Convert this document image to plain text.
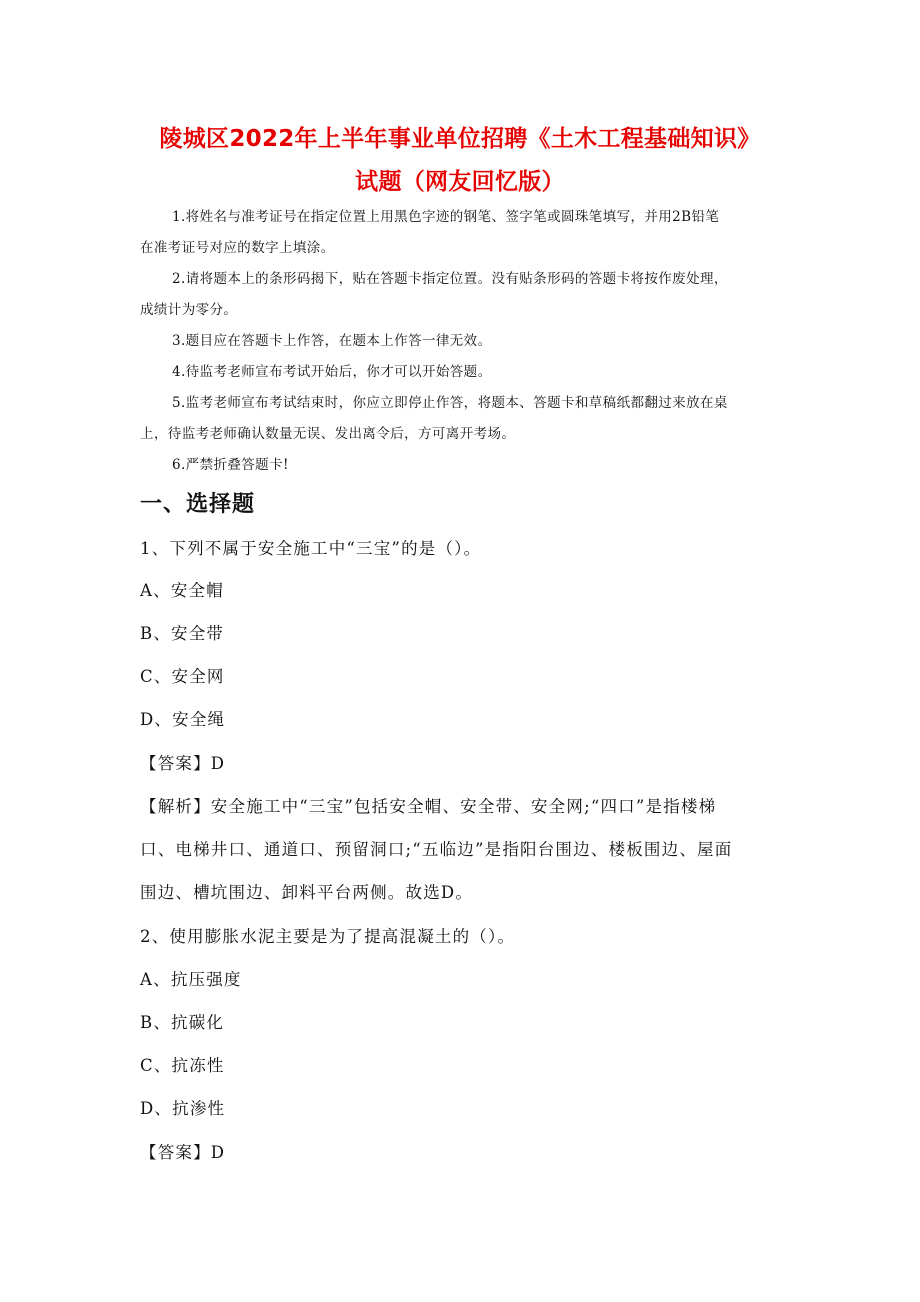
陵城区2022年上半年事业单位招聘《土木工程基础知识》
试题（网友回忆版）
1.将姓名与准考证号在指定位置上用黑色字迹的钢笔、签字笔或圆珠笔填写，并用2B铅笔
在准考证号对应的数字上填涂。
2.请将题本上的条形码揭下，贴在答题卡指定位置。没有贴条形码的答题卡将按作废处理，
成绩计为零分。
3.题目应在答题卡上作答，在题本上作答一律无效。
4.待监考老师宣布考试开始后，你才可以开始答题。
5.监考老师宣布考试结束时，你应立即停止作答，将题本、答题卡和草稿纸都翻过来放在桌
上，待监考老师确认数量无误、发出离令后，方可离开考场。
6.严禁折叠答题卡!
一、选择题
1、下列不属于安全施工中“三宝”的是（）。
A、安全帽
B、安全带
C、安全网
D、安全绳
【答案】D
【解析】安全施工中“三宝”包括安全帽、安全带、安全网;“四口”是指楼梯
口、电梯井口、通道口、预留洞口;“五临边”是指阳台围边、楼板围边、屋面
围边、槽坑围边、卸料平台两侧。故选D。
2、使用膨胀水泥主要是为了提高混凝土的（）。
A、抗压强度
B、抗碳化
C、抗冻性
D、抗渗性
【答案】D
